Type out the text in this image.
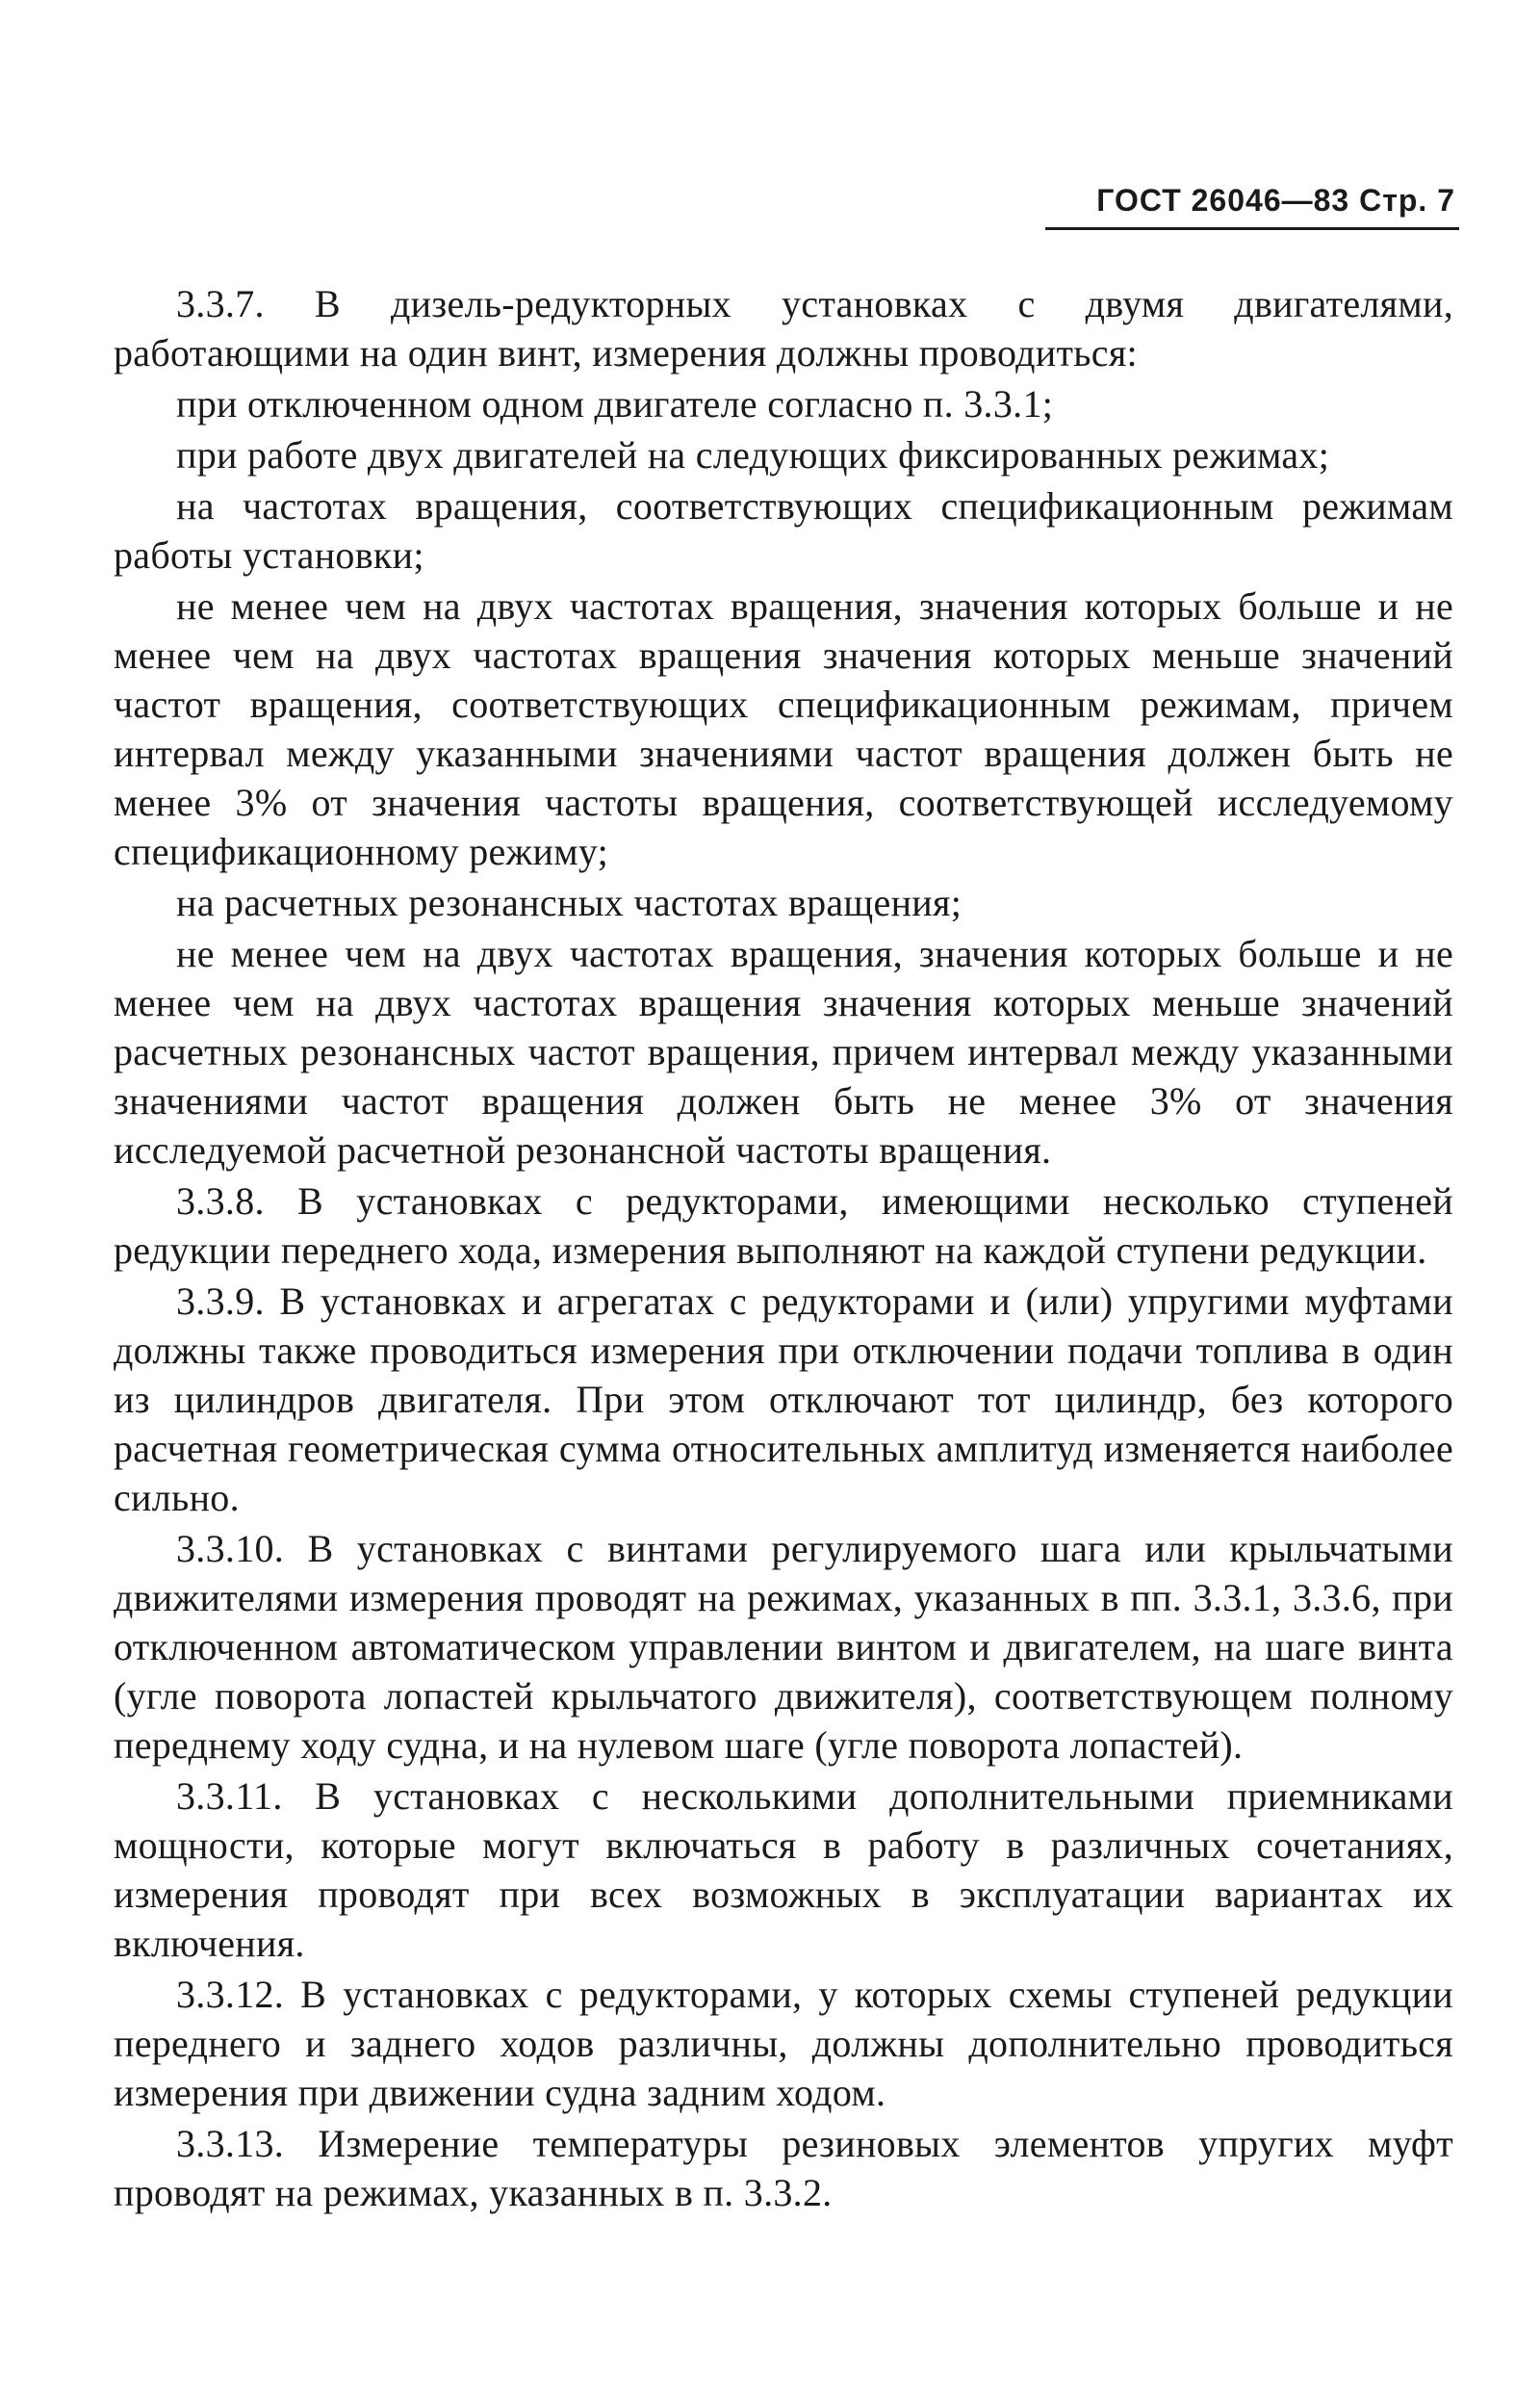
ГОСТ 26046—83 Стр. 7

3.3.7. В дизель-редукторных установках с двумя двигателями, работающими на один винт, измерения должны проводиться:

при отключенном одном двигателе согласно п. 3.3.1;

при работе двух двигателей на следующих фиксированных режимах;

на частотах вращения, соответствующих спецификационным режимам работы установки;

не менее чем на двух частотах вращения, значения которых больше и не менее чем на двух частотах вращения значения которых меньше значений частот вращения, соответствующих спецификационным режимам, причем интервал между указанными значениями частот вращения должен быть не менее 3% от значения частоты вращения, соответствующей исследуемому спецификационному режиму;

на расчетных резонансных частотах вращения;

не менее чем на двух частотах вращения, значения которых больше и не менее чем на двух частотах вращения значения которых меньше значений расчетных резонансных частот вращения, причем интервал между указанными значениями частот вращения должен быть не менее 3% от значения исследуемой расчетной резонансной частоты вращения.

3.3.8. В установках с редукторами, имеющими несколько ступеней редукции переднего хода, измерения выполняют на каждой ступени редукции.

3.3.9. В установках и агрегатах с редукторами и (или) упругими муфтами должны также проводиться измерения при отключении подачи топлива в один из цилиндров двигателя. При этом отключают тот цилиндр, без которого расчетная геометрическая сумма относительных амплитуд изменяется наиболее сильно.

3.3.10. В установках с винтами регулируемого шага или крыльчатыми движителями измерения проводят на режимах, указанных в пп. 3.3.1, 3.3.6, при отключенном автоматическом управлении винтом и двигателем, на шаге винта (угле поворота лопастей крыльчатого движителя), соответствующем полному переднему ходу судна, и на нулевом шаге (угле поворота лопастей).

3.3.11. В установках с несколькими дополнительными приемниками мощности, которые могут включаться в работу в различных сочетаниях, измерения проводят при всех возможных в эксплуатации вариантах их включения.

3.3.12. В установках с редукторами, у которых схемы ступеней редукции переднего и заднего ходов различны, должны дополнительно проводиться измерения при движении судна задним ходом.

3.3.13. Измерение температуры резиновых элементов упругих муфт проводят на режимах, указанных в п. 3.3.2.
